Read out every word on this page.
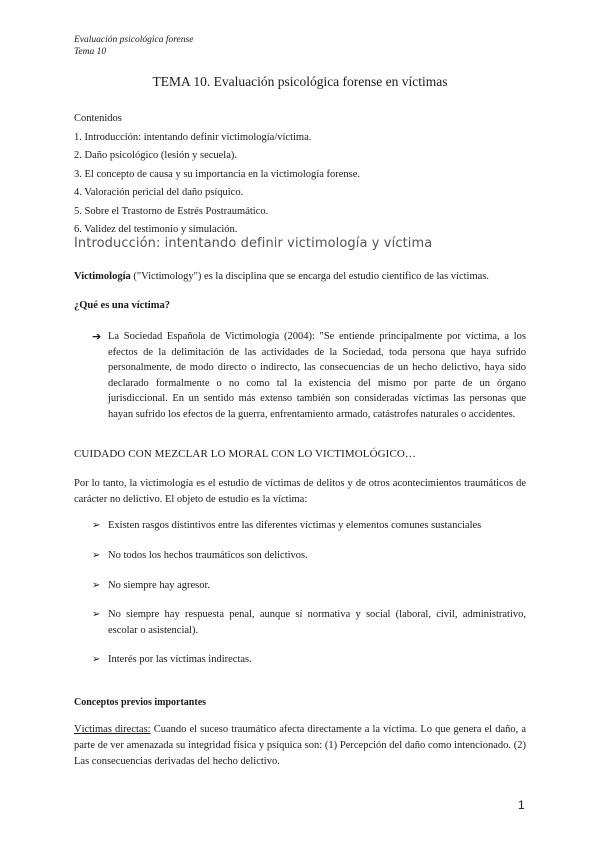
Evaluación psicológica forense
Tema 10
TEMA 10. Evaluación psicológica forense en víctimas
Contenidos
1. Introducción: intentando definir victimología/víctima.
2. Daño psicológico (lesión y secuela).
3. El concepto de causa y su importancia en la victimología forense.
4. Valoración pericial del daño psíquico.
5. Sobre el Trastorno de Estrés Postraumático.
6. Validez del testimonio y simulación.
Introducción: intentando definir victimología y víctima
Victimología ("Victimology") es la disciplina que se encarga del estudio científico de las víctimas.
¿Qué es una víctima?
➔ La Sociedad Española de Victimología (2004): "Se entiende principalmente por víctima, a los efectos de la delimitación de las actividades de la Sociedad, toda persona que haya sufrido personalmente, de modo directo o indirecto, las consecuencias de un hecho delictivo, haya sido declarado formalmente o no como tal la existencia del mismo por parte de un órgano jurisdiccional. En un sentido más extenso también son consideradas víctimas las personas que hayan sufrido los efectos de la guerra, enfrentamiento armado, catástrofes naturales o accidentes.
CUIDADO CON MEZCLAR LO MORAL CON LO VICTIMOLÓGICO…
Por lo tanto, la victimología es el estudio de víctimas de delitos y de otros acontecimientos traumáticos de carácter no delictivo. El objeto de estudio es la víctima:
➢ Existen rasgos distintivos entre las diferentes víctimas y elementos comunes sustanciales
➢ No todos los hechos traumáticos son delictivos.
➢ No siempre hay agresor.
➢ No siempre hay respuesta penal, aunque sí normativa y social (laboral, civil, administrativo, escolar o asistencial).
➢ Interés por las víctimas indirectas.
Conceptos previos importantes
Víctimas directas: Cuando el suceso traumático afecta directamente a la víctima. Lo que genera el daño, a parte de ver amenazada su integridad física y psíquica son: (1) Percepción del daño como intencionado. (2) Las consecuencias derivadas del hecho delictivo.
1
